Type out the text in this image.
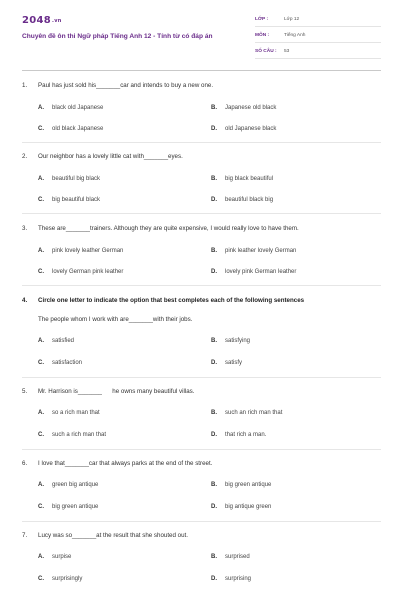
2048.vn
Chuyên đề ôn thi Ngữ pháp Tiếng Anh 12 - Tính từ có đáp án
LỚP :	Lớp 12
MÔN :	Tiếng Anh
SỐ CÂU : 53
1. Paul has just sold his_______car and intends to buy a new one.
A. black old Japanese	B. Japanese old black
C. old black Japanese	D. old Japanese black
2. Our neighbor has a lovely little cat with_______eyes.
A. beautiful big black	B. big black beautiful
C. big beautiful black	D. beautiful black big
3. These are_______trainers. Although they are quite expensive, I would really love to have them.
A. pink lovely leather German	B. pink leather lovely German
C. lovely German pink leather	D. lovely pink German leather
4. Circle one letter to indicate the option that best completes each of the following sentences
The people whom I work with are_______with their jobs.
A. satisfied	B. satisfying
C. satisfaction	D. satisfy
5. Mr. Harrison is_______      he owns many beautiful villas.
A. so a rich man that	B. such an rich man that
C. such a rich man that	D. that rich a man.
6. I love that_______car that always parks at the end of the street.
A. green big antique	B. big green antique
C. big green antique	D. big antique green
7. Lucy was so_______at the result that she shouted out.
A. surpise	B. surprised
C. surprisingly	D. surprising
